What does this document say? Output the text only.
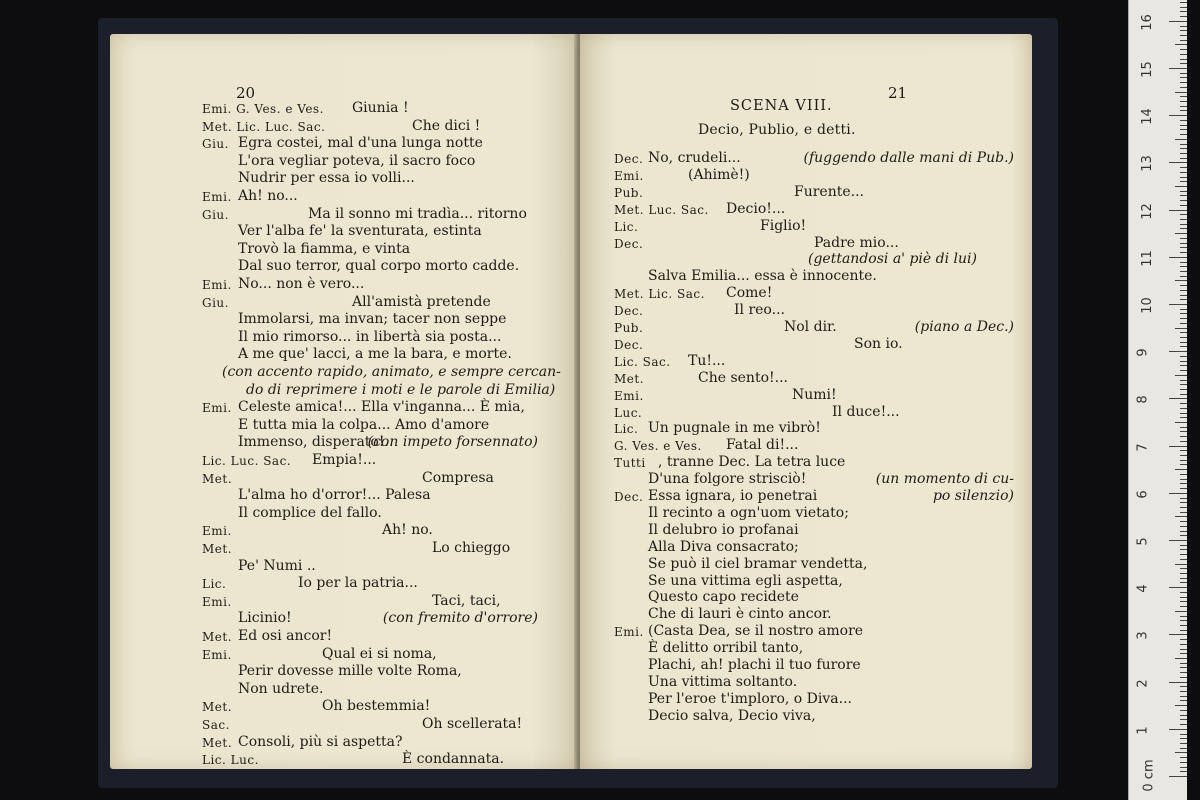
20
Emi. G. Ves. e Ves. Giunia !
Met. Lic. Luc. Sac.	Che dici !
Giu. Egra costei, mal d'una lunga notte
L'ora vegliar poteva, il sacro foco
Nudrir per essa io volli...
Emi. Ah! no...
Giu.	Ma il sonno mi tradìa... ritorno
Ver l'alba fe' la sventurata, estinta
Trovò la fiamma, e vinta
Dal suo terror, qual corpo morto cadde.
Emi. No... non è vero...
Giu.	All'amistà pretende
Immolarsi, ma invan; tacer non seppe
Il mio rimorso... in libertà sia posta...
A me que' lacci, a me la bara, e morte.
(con accento rapido, animato, e sempre cercan-
do di reprimere i moti e le parole di Emilia)
Emi. Celeste amica!... Ella v'inganna... È mia,
E tutta mia la colpa... Amo d'amore
Immenso, disperato!..
(con impeto forsennato)
Lic. Luc. Sac. Empia!...
Met.	Compresa
L'alma ho d'orror!... Palesa
Il complice del fallo.
Emi.	Ah! no.
Met.	Lo chieggo
Pe' Numi ..
Lic.	Io per la patria...
Emi.	Taci, taci,
Licinio!	(con fremito d'orrore)
Met. Ed osi ancor!
Emi.	Qual ei si noma,
Perir dovesse mille volte Roma,
Non udrete.
Met.	Oh bestemmia!
Sac.	Oh scellerata!
Met. Consoli, più si aspetta?
Lic. Luc.	È condannata.
21
SCENA VIII.
Decio, Publio, e detti.
Dec. No, crudeli...	(fuggendo dalle mani di Pub.)
Emi.	(Ahimè!)
Pub.	Furente...
Met. Luc. Sac. Decio!...
Lic.	Figlio!
Dec.	Padre mio...
(gettandosi a' piè di lui)
Salva Emilia... essa è innocente.
Met. Lic. Sac. Come!
Dec.	Il reo...
Pub.	Nol dir.	(piano a Dec.)
Dec.	Son io.
Lic. Sac. Tu!...
Met.	Che sento!...
Emi.	Numi!
Luc.	Il duce!...
Lic. Un pugnale in me vibrò!
G. Ves. e Ves. Fatal di!...
Tutti , tranne Dec. La tetra luce
D'una folgore strisciò!	(un momento di cu-
Dec. Essa ignara, io penetrai	po silenzio)
Il recinto a ogn'uom vietato;
Il delubro io profanai
Alla Diva consacrato;
Se può il ciel bramar vendetta,
Se una vittima egli aspetta,
Questo capo recidete
Che di lauri è cinto ancor.
Emi. (Casta Dea, se il nostro amore
È delitto orribil tanto,
Plachi, ah! plachi il tuo furore
Una vittima soltanto.
Per l'eroe t'imploro, o Diva...
Decio salva, Decio viva,
0 cm
1
2
3
4
5
6
7
8
9
10
11
12
13
14
15
16
